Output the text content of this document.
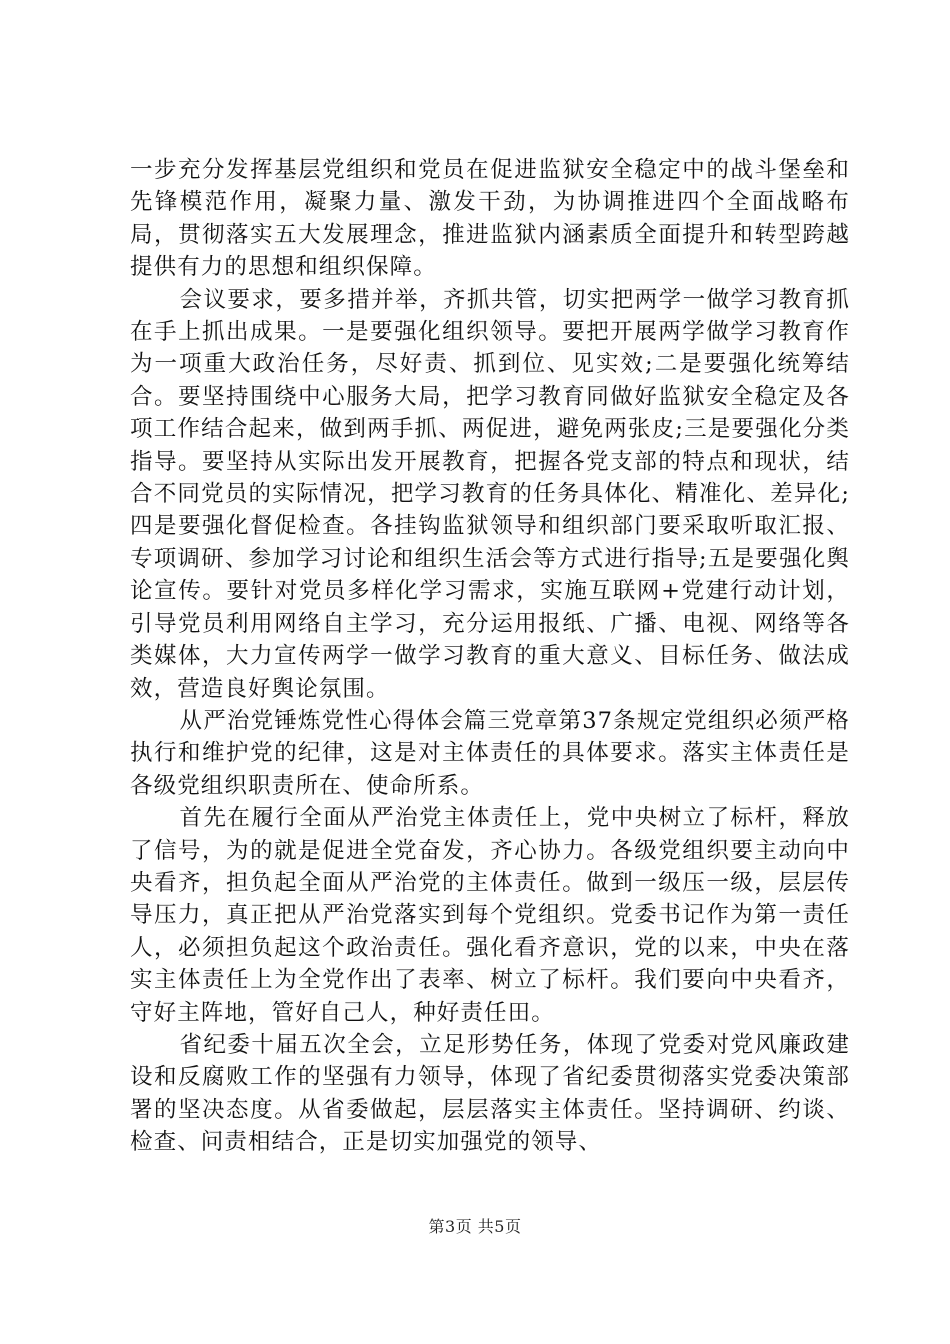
一步充分发挥基层党组织和党员在促进监狱安全稳定中的战斗堡垒和先锋模范作用，凝聚力量、激发干劲，为协调推进四个全面战略布局，贯彻落实五大发展理念，推进监狱内涵素质全面提升和转型跨越提供有力的思想和组织保障。

会议要求，要多措并举，齐抓共管，切实把两学一做学习教育抓在手上抓出成果。一是要强化组织领导。要把开展两学做学习教育作为一项重大政治任务，尽好责、抓到位、见实效;二是要强化统筹结合。要坚持围绕中心服务大局，把学习教育同做好监狱安全稳定及各项工作结合起来，做到两手抓、两促进，避免两张皮;三是要强化分类指导。要坚持从实际出发开展教育，把握各党支部的特点和现状，结合不同党员的实际情况，把学习教育的任务具体化、精准化、差异化;四是要强化督促检查。各挂钩监狱领导和组织部门要采取听取汇报、专项调研、参加学习讨论和组织生活会等方式进行指导;五是要强化舆论宣传。要针对党员多样化学习需求，实施互联网+党建行动计划，引导党员利用网络自主学习，充分运用报纸、广播、电视、网络等各类媒体，大力宣传两学一做学习教育的重大意义、目标任务、做法成效，营造良好舆论氛围。

从严治党锤炼党性心得体会篇三党章第37条规定党组织必须严格执行和维护党的纪律，这是对主体责任的具体要求。落实主体责任是各级党组织职责所在、使命所系。

首先在履行全面从严治党主体责任上，党中央树立了标杆，释放了信号，为的就是促进全党奋发，齐心协力。各级党组织要主动向中央看齐，担负起全面从严治党的主体责任。做到一级压一级，层层传导压力，真正把从严治党落实到每个党组织。党委书记作为第一责任人，必须担负起这个政治责任。强化看齐意识，党的以来，中央在落实主体责任上为全党作出了表率、树立了标杆。我们要向中央看齐，守好主阵地，管好自己人，种好责任田。

省纪委十届五次全会，立足形势任务，体现了党委对党风廉政建设和反腐败工作的坚强有力领导，体现了省纪委贯彻落实党委决策部署的坚决态度。从省委做起，层层落实主体责任。坚持调研、约谈、检查、问责相结合，正是切实加强党的领导、

第3页 共5页
